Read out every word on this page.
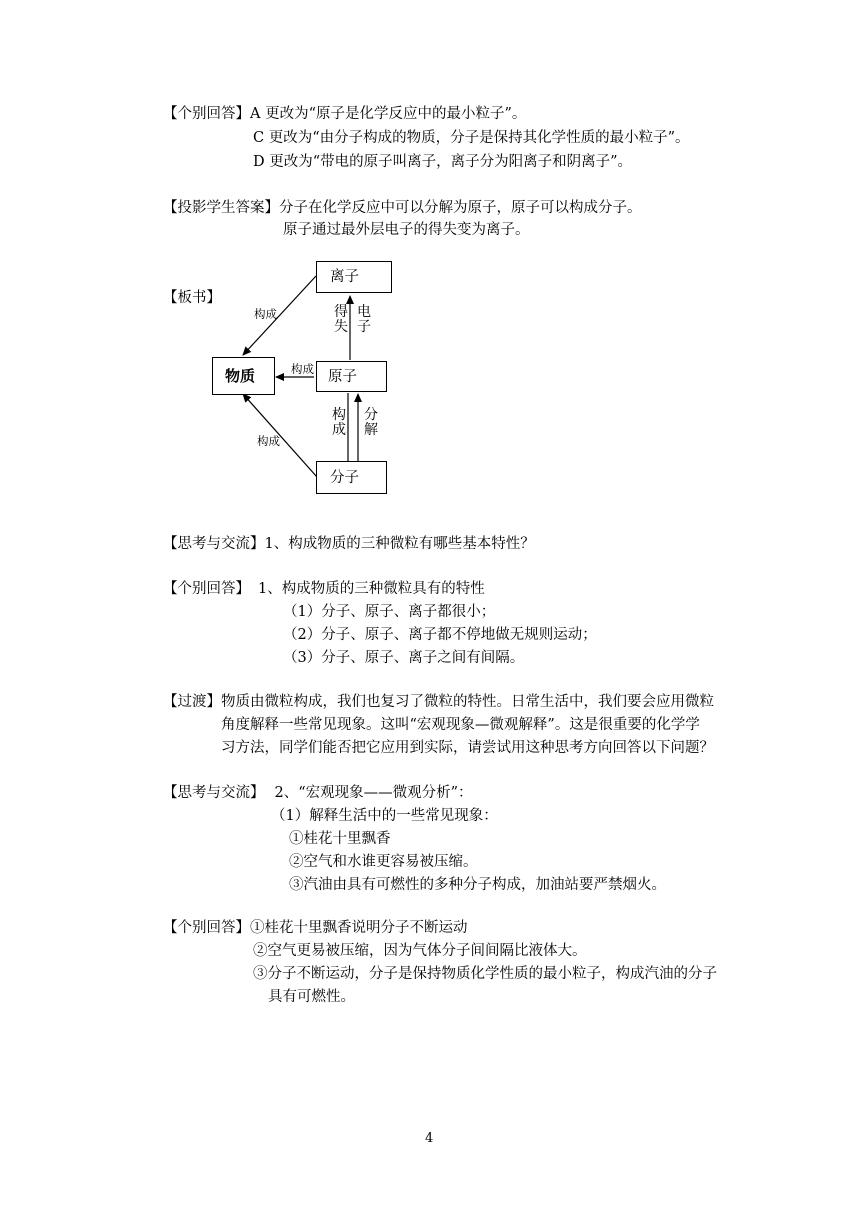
【个别回答】A 更改为“原子是化学反应中的最小粒子”。
C 更改为“由分子构成的物质，分子是保持其化学性质的最小粒子”。
D 更改为“带电的原子叫离子，离子分为阳离子和阴离子”。
【投影学生答案】分子在化学反应中可以分解为原子，原子可以构成分子。
原子通过最外层电子的得失变为离子。
【板书】
离子
物质	原子
分子
构成
构成
构成
得失
电子
构成
分解
【思考与交流】1、构成物质的三种微粒有哪些基本特性？
【个别回答】 1、构成物质的三种微粒具有的特性
（1）分子、原子、离子都很小；
（2）分子、原子、离子都不停地做无规则运动；
（3）分子、原子、离子之间有间隔。
【过渡】物质由微粒构成，我们也复习了微粒的特性。日常生活中，我们要会应用微粒
角度解释一些常见现象。这叫“宏观现象—微观解释”。这是很重要的化学学
习方法，同学们能否把它应用到实际，请尝试用这种思考方向回答以下问题？
【思考与交流】 2、“宏观现象——微观分析”：
（1）解释生活中的一些常见现象：
①桂花十里飘香
②空气和水谁更容易被压缩。
③汽油由具有可燃性的多种分子构成，加油站要严禁烟火。
【个别回答】①桂花十里飘香说明分子不断运动
②空气更易被压缩，因为气体分子间间隔比液体大。
③分子不断运动，分子是保持物质化学性质的最小粒子，构成汽油的分子
具有可燃性。
4
